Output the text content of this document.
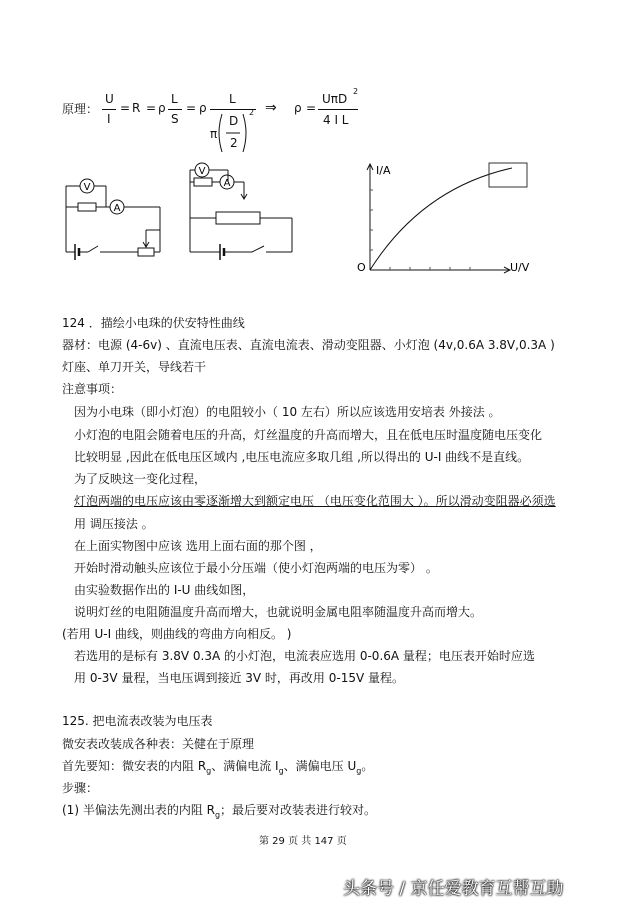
原理：
U
I
= R = ρ
L
S
= ρ
L
π
D
2
2 ⇒ ρ =
UπD
2
4 I L
V
A
V
A
I/A
U/V
O
124 ．描绘小电珠的伏安特性曲线
器材：电源 (4-6v) 、直流电压表、直流电流表、滑动变阻器、小灯泡 (4v,0.6A 3.8V,0.3A )
灯座、单刀开关，导线若干
注意事项：
因为小电珠（即小灯泡）的电阻较小（ 10 左右）所以应该选用安培表 外接法 。
小灯泡的电阻会随着电压的升高，灯丝温度的升高而增大，且在低电压时温度随电压变化
比较明显 ,因此在低电压区域内 ,电压电流应多取几组 ,所以得出的 U-I 曲线不是直线。
为了反映这一变化过程，
灯泡两端的电压应该由零逐渐增大到额定电压 （电压变化范围大 ）。所以滑动变阻器必须选
用 调压接法 。
在上面实物图中应该 选用上面右面的那个图 ，
开始时滑动触头应该位于最小分压端（使小灯泡两端的电压为零） 。
由实验数据作出的 I-U 曲线如图，
说明灯丝的电阻随温度升高而增大，也就说明金属电阻率随温度升高而增大。
(若用 U-I 曲线，则曲线的弯曲方向相反。 )
若选用的是标有 3.8V 0.3A 的小灯泡，电流表应选用 0-0.6A 量程；电压表开始时应选
用 0-3V 量程，当电压调到接近 3V 时，再改用 0-15V 量程。
125. 把电流表改装为电压表
微安表改装成各种表：关健在于原理
首先要知：微安表的内阻 $R_g$、满偏电流 $I_g$、满偏电压 $U_g$。
步骤：
(1) 半偏法先测出表的内阻 $R_g$；最后要对改装表进行较对。
第 29 页 共 147 页
头条号 / 京任爱教育互帮互助
